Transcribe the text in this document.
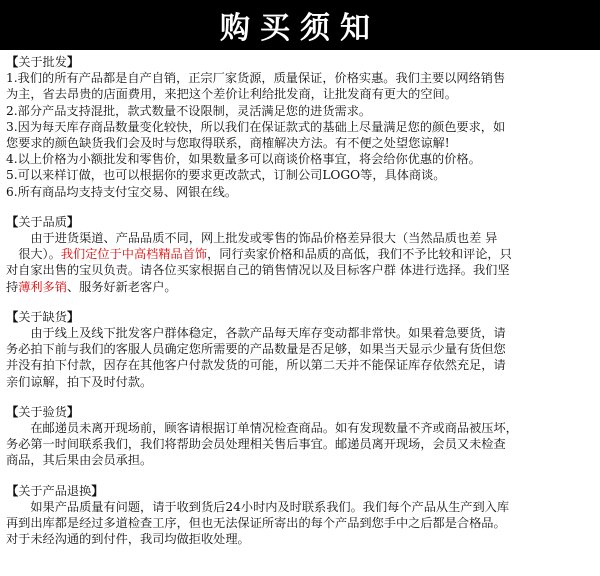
购买须知
【关于批发】
1.我们的所有产品都是自产自销，正宗厂家货源，质量保证，价格实惠。我们主要以网络销售
为主，省去昂贵的店面费用，来把这个差价让利给批发商，让批发商有更大的空间。
2.部分产品支持混批，款式数量不设限制，灵活满足您的进货需求。
3.因为每天库存商品数量变化较快，所以我们在保证款式的基础上尽量满足您的颜色要求，如
您要求的颜色缺货我们会及时与您取得联系，商榷解决方法。有不便之处望您谅解!
4.以上价格为小额批发和零售价，如果数量多可以商谈价格事宜，将会给你优惠的价格。
5.可以来样订做，也可以根据你的要求更改款式，订制公司LOGO等，具体商谈。
6.所有商品均支持支付宝交易、网银在线。
【关于品质】
　　由于进货渠道、产品品质不同，网上批发或零售的饰品价格差异很大（当然品质也差 异
　很大）。我们定位于中高档精品首饰，同行卖家价格和品质的高低，我们不予比较和评论，只
对自家出售的宝贝负责。请各位买家根据自己的销售情况以及目标客户群 体进行选择。我们坚
持薄利多销、服务好新老客户。
【关于缺货】
　　由于线上及线下批发客户群体稳定，各款产品每天库存变动都非常快。如果着急要货，请
务必拍下前与我们的客服人员确定您所需要的产品数量是否足够，如果当天显示少量有货但您
并没有拍下付款，因存在其他客户付款发货的可能，所以第二天并不能保证库存依然充足，请
亲们谅解，拍下及时付款。
【关于验货】
　　在邮递员未离开现场前，顾客请根据订单情况检查商品。如有发现数量不齐或商品被压坏，
务必第一时间联系我们，我们将帮助会员处理相关售后事宜。邮递员离开现场，会员又未检查
商品，其后果由会员承担。
【关于产品退换】
　　如果产品质量有问题，请于收到货后24小时内及时联系我们。我们每个产品从生产到入库
再到出库都是经过多道检查工序，但也无法保证所寄出的每个产品到您手中之后都是合格品。
对于未经沟通的到付件，我司均做拒收处理。
